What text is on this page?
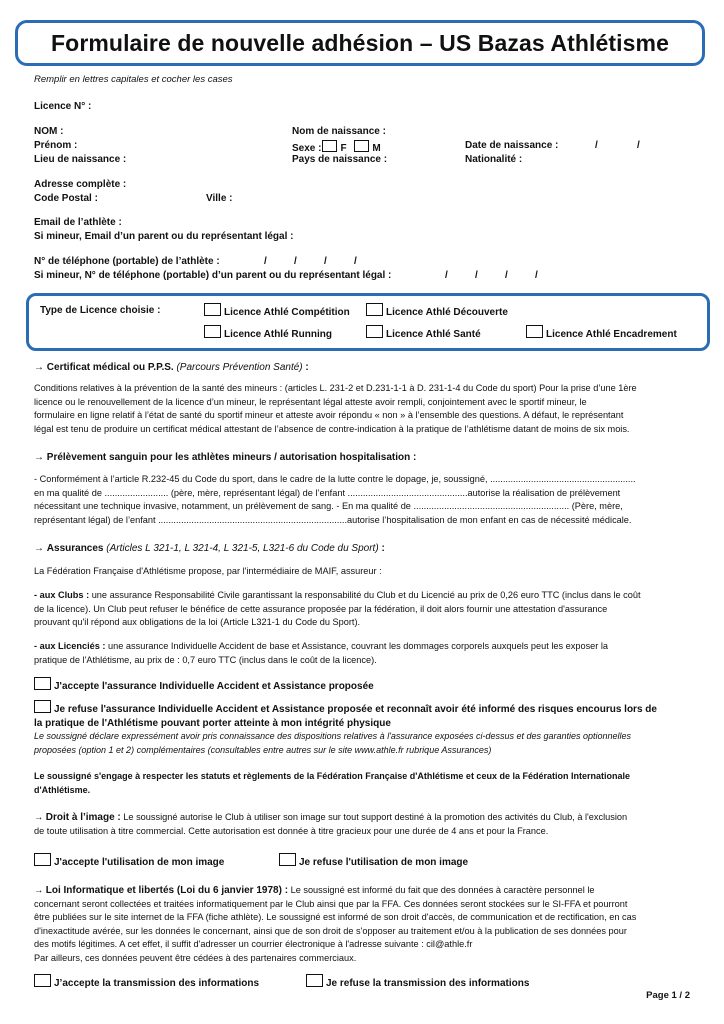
Formulaire de nouvelle adhésion – US Bazas Athlétisme
Remplir en lettres capitales et cocher les cases
Licence N° :
NOM :	Nom de naissance :
Prénom :	Sexe : F	M	Date de naissance :	/	/
Lieu de naissance :	Pays de naissance :	Nationalité :
Adresse complète :
Code Postal :	Ville :
Email de l’athlète :
Si mineur, Email d’un parent ou du représentant légal :
N° de téléphone (portable) de l’athlète :	/	/	/	/
Si mineur, N° de téléphone (portable) d’un parent ou du représentant légal :	/	/	/	/
Type de Licence choisie :	Licence Athlé Compétition	Licence Athlé Découverte
Licence Athlé Running	Licence Athlé Santé	Licence Athlé Encadrement
→ Certificat médical ou P.P.S. (Parcours Prévention Santé) :
Conditions relatives à la prévention de la santé des mineurs : (articles L. 231-2 et D.231-1-1 à D. 231-1-4 du Code du sport) Pour la prise d’une 1ère
licence ou le renouvellement de la licence d’un mineur, le représentant légal atteste avoir rempli, conjointement avec le sportif mineur, le
formulaire en ligne relatif à l’état de santé du sportif mineur et atteste avoir répondu « non » à l’ensemble des questions. A défaut, le représentant
légal est tenu de produire un certificat médical attestant de l’absence de contre-indication à la pratique de l’athlétisme datant de moins de six mois.
→ Prélèvement sanguin pour les athlètes mineurs / autorisation hospitalisation :
- Conformément à l’article R.232-45 du Code du sport, dans le cadre de la lutte contre le dopage, je, soussigné, .........................................................
en ma qualité de ......................... (père, mère, représentant légal) de l’enfant ...............................................autorise la réalisation de prélèvement
nécessitant une technique invasive, notamment, un prélèvement de sang. - En ma qualité de ............................................................. (Père, mère,
représentant légal) de l’enfant ..........................................................................autorise l’hospitalisation de mon enfant en cas de nécessité médicale.
→ Assurances (Articles L 321-1, L 321-4, L 321-5, L321-6 du Code du Sport) :
La Fédération Française d'Athlétisme propose, par l'intermédiaire de MAIF, assureur :
- aux Clubs : une assurance Responsabilité Civile garantissant la responsabilité du Club et du Licencié au prix de 0,26 euro TTC (inclus dans le coût
de la licence). Un Club peut refuser le bénéfice de cette assurance proposée par la fédération, il doit alors fournir une attestation d'assurance
prouvant qu'il répond aux obligations de la loi (Article L321-1 du Code du Sport).
- aux Licenciés : une assurance Individuelle Accident de base et Assistance, couvrant les dommages corporels auxquels peut les exposer la
pratique de l'Athlétisme, au prix de : 0,7 euro TTC (inclus dans le coût de la licence).
J'accepte l'assurance Individuelle Accident et Assistance proposée
Je refuse l'assurance Individuelle Accident et Assistance proposée et reconnaît avoir été informé des risques encourus lors de
la pratique de l'Athlétisme pouvant porter atteinte à mon intégrité physique
Le soussigné déclare expressément avoir pris connaissance des dispositions relatives à l'assurance exposées ci-dessus et des garanties optionnelles
proposées (option 1 et 2) complémentaires (consultables entre autres sur le site www.athle.fr rubrique Assurances)
Le soussigné s'engage à respecter les statuts et règlements de la Fédération Française d'Athlétisme et ceux de la Fédération Internationale
d'Athlétisme.
→ Droit à l’image : Le soussigné autorise le Club à utiliser son image sur tout support destiné à la promotion des activités du Club, à l'exclusion
de toute utilisation à titre commercial. Cette autorisation est donnée à titre gracieux pour une durée de 4 ans et pour la France.
J'accepte l'utilisation de mon image	Je refuse l'utilisation de mon image
→ Loi Informatique et libertés (Loi du 6 janvier 1978) : Le soussigné est informé du fait que des données à caractère personnel le
concernant seront collectées et traitées informatiquement par le Club ainsi que par la FFA. Ces données seront stockées sur le SI-FFA et pourront
être publiées sur le site internet de la FFA (fiche athlète). Le soussigné est informé de son droit d'accès, de communication et de rectification, en cas
d'inexactitude avérée, sur les données le concernant, ainsi que de son droit de s'opposer au traitement et/ou à la publication de ses données pour
des motifs légitimes. A cet effet, il suffit d'adresser un courrier électronique à l'adresse suivante : cil@athle.fr
Par ailleurs, ces données peuvent être cédées à des partenaires commerciaux.
J’accepte la transmission des informations	Je refuse la transmission des informations
Page 1 / 2
